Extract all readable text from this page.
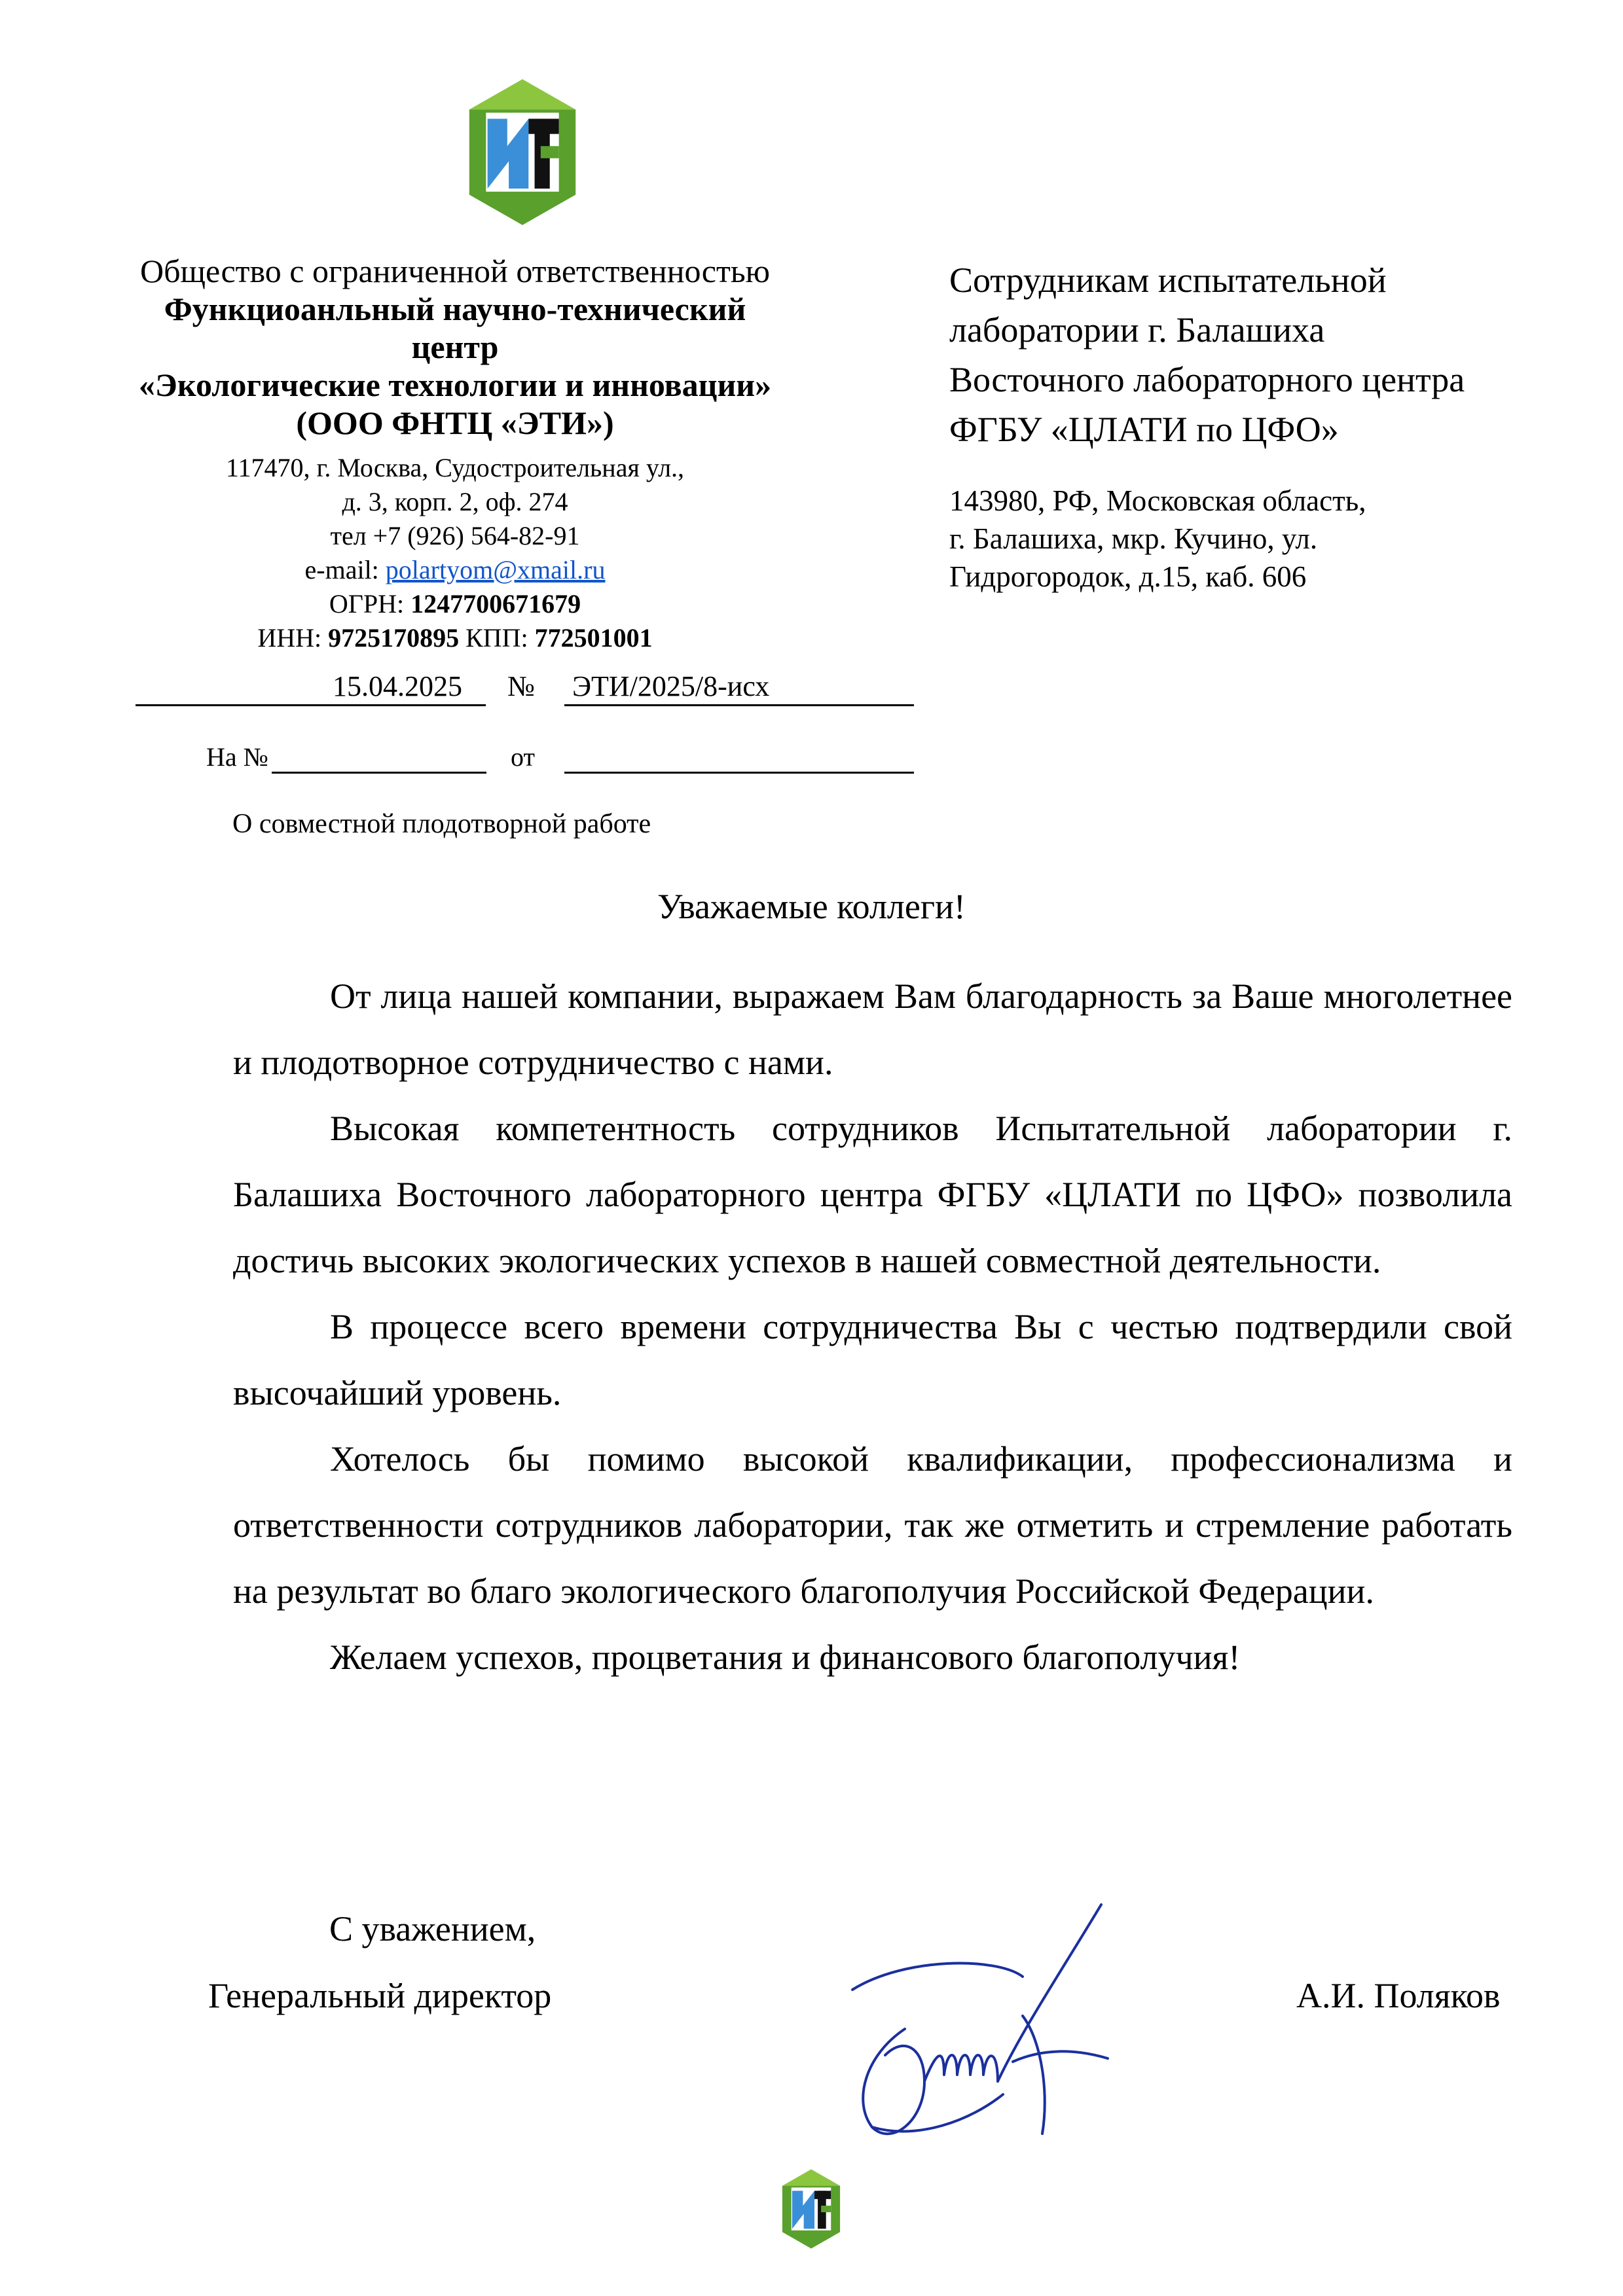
Общество с ограниченной ответственностью
Функциоанльный научно-технический центр
«Экологические технологии и инновации»
(ООО ФНТЦ «ЭТИ»)
117470, г. Москва, Судостроительная ул.,
д. 3, корп. 2, оф. 274
тел +7 (926) 564-82-91
e-mail: polartyom@xmail.ru
ОГРН: 1247700671679
ИНН: 9725170895 КПП: 772501001
Сотрудникам испытательной
лаборатории г. Балашиха
Восточного лабораторного центра
ФГБУ «ЦЛАТИ по ЦФО»
143980, РФ, Московская область,
г. Балашиха, мкр. Кучино, ул.
Гидрогородок, д.15, каб. 606
15.04.2025	№ ЭТИ/2025/8-исх
На №	от
О совместной плодотворной работе
Уважаемые коллеги!

От лица нашей компании, выражаем Вам благодарность за Ваше многолетнее и плодотворное сотрудничество с нами.

Высокая компетентность сотрудников Испытательной лаборатории г. Балашиха Восточного лабораторного центра ФГБУ «ЦЛАТИ по ЦФО» позволила достичь высоких экологических успехов в нашей совместной деятельности.

В процессе всего времени сотрудничества Вы с честью подтвердили свой высочайший уровень.

Хотелось бы помимо высокой квалификации, профессионализма и ответственности сотрудников лаборатории, так же отметить и стремление работать на результат во благо экологического благополучия Российской Федерации.

Желаем успехов, процветания и финансового благополучия!

С уважением,
Генеральный директор	А.И. Поляков
